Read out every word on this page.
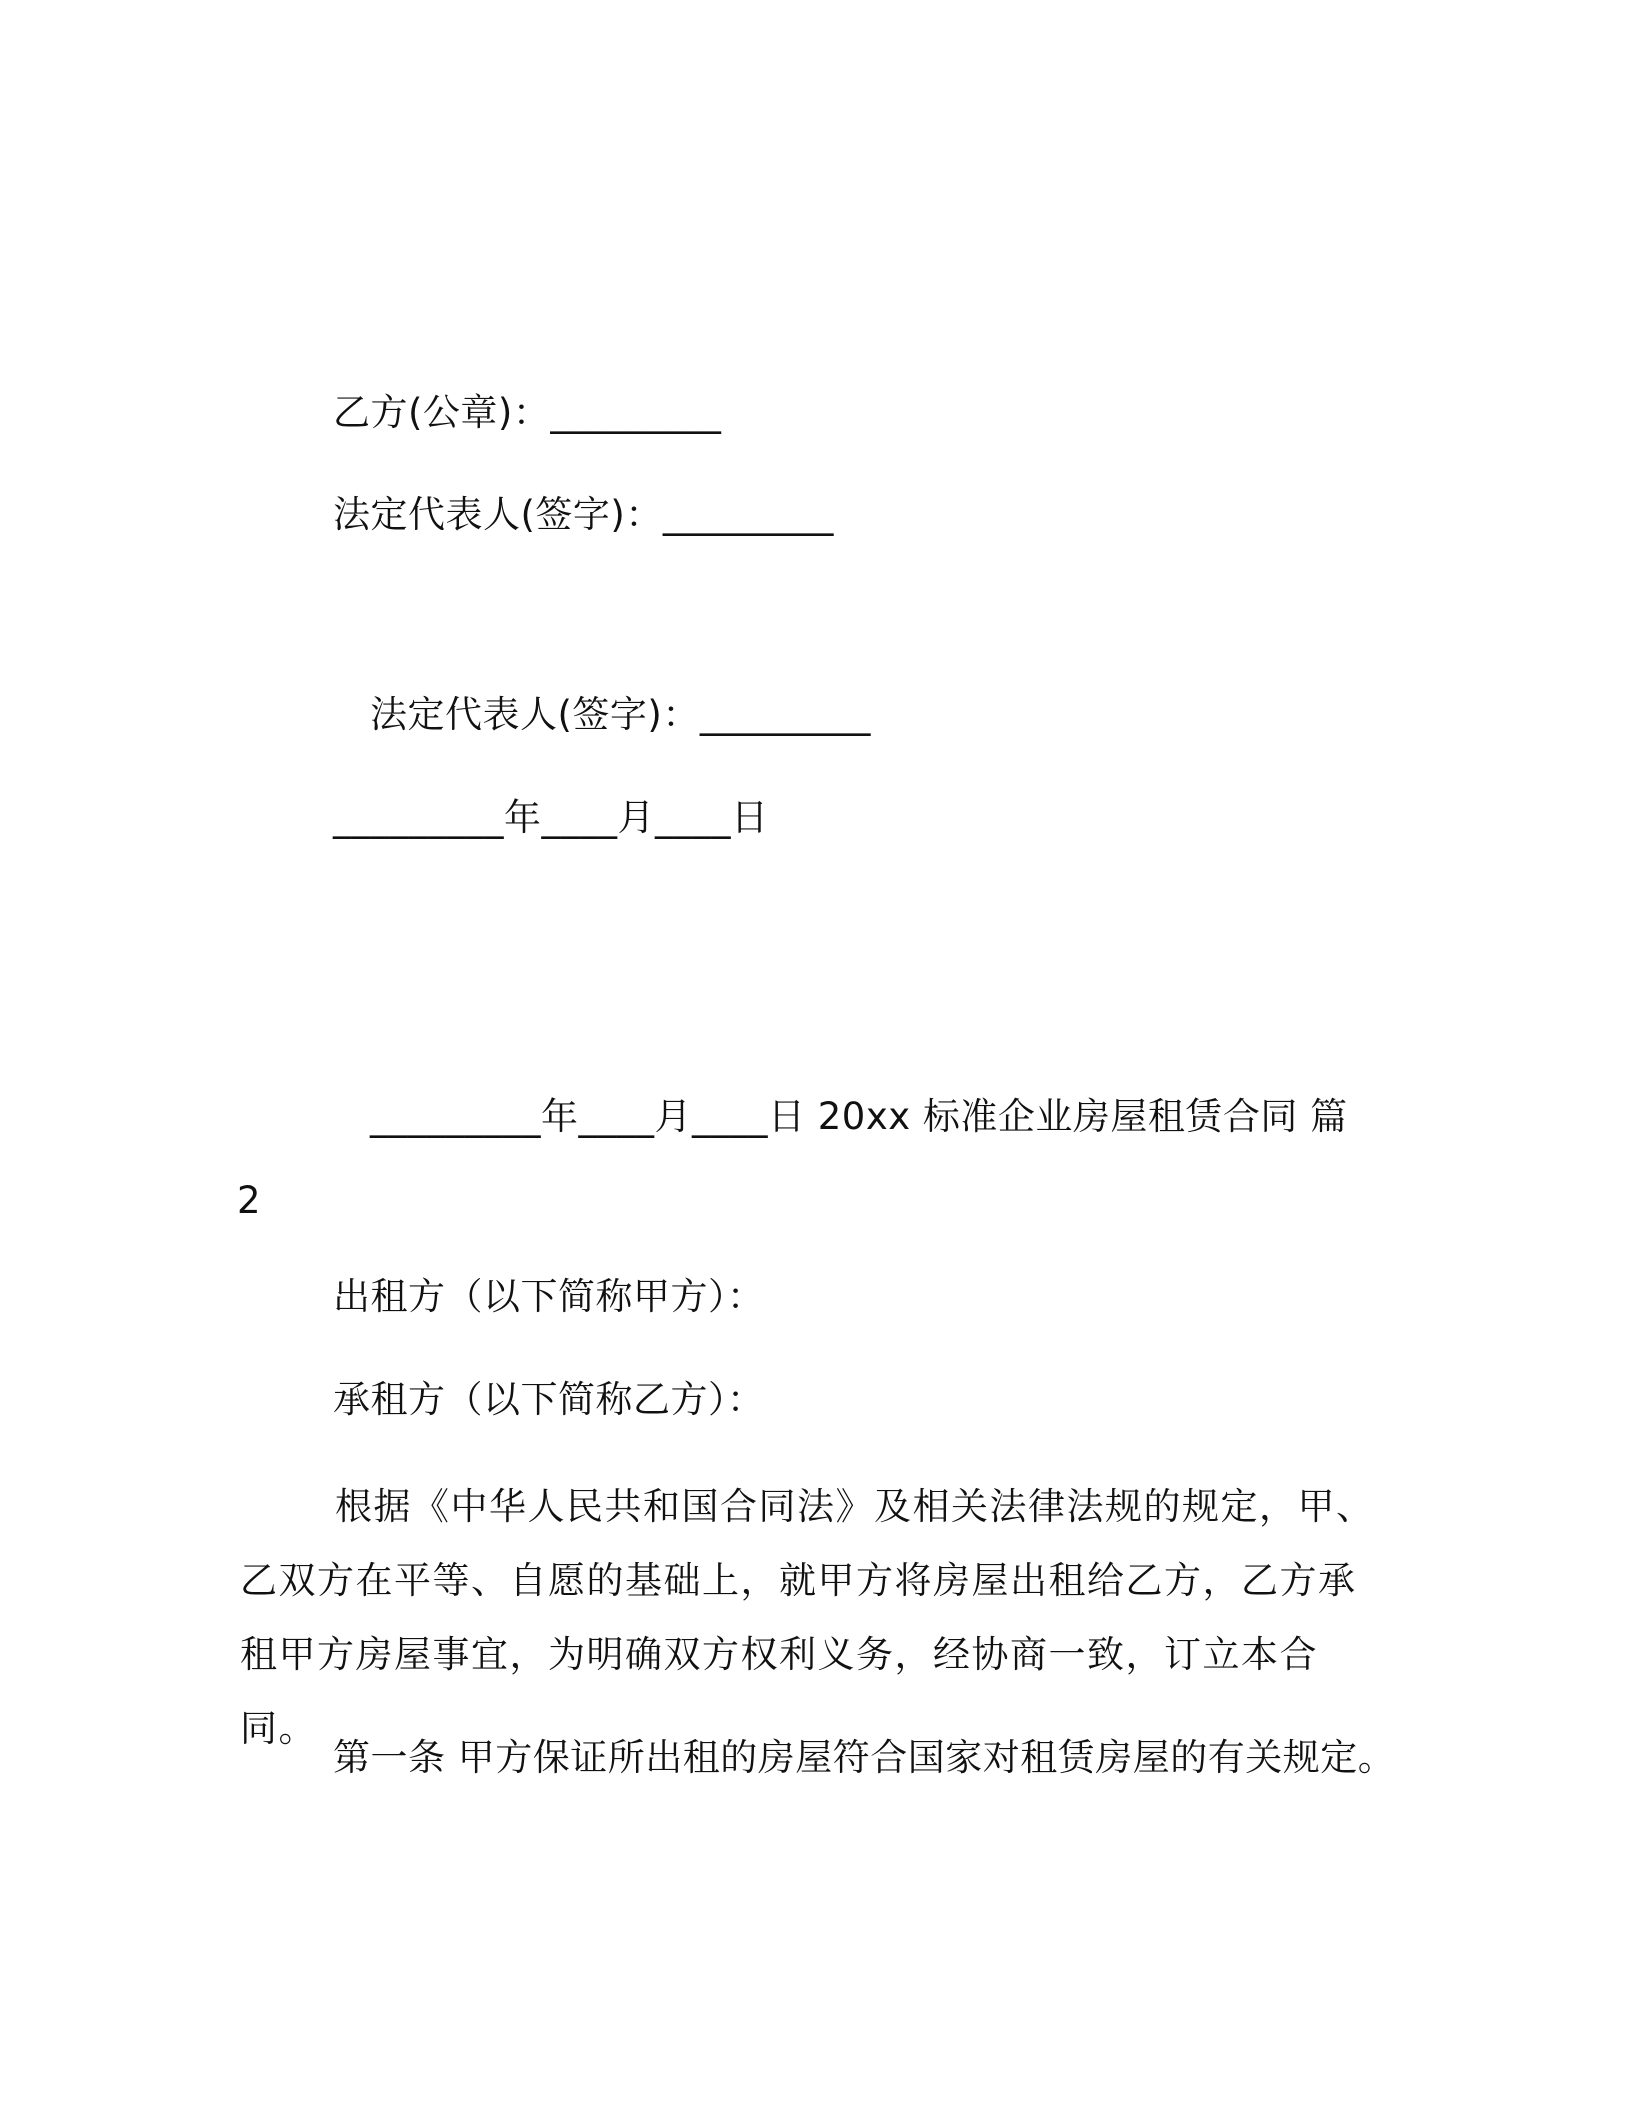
乙方(公章)：_________
法定代表人(签字)：_________
法定代表人(签字)：_________
_________年____月____日
_________年____月____日 20xx 标准企业房屋租赁合同 篇
2
出租方（以下简称甲方）：
承租方（以下简称乙方）：
根据《中华人民共和国合同法》及相关法律法规的规定，甲、乙双方在平等、自愿的基础上，就甲方将房屋出租给乙方，乙方承租甲方房屋事宜，为明确双方权利义务，经协商一致，订立本合同。
第一条 甲方保证所出租的房屋符合国家对租赁房屋的有关规定。
